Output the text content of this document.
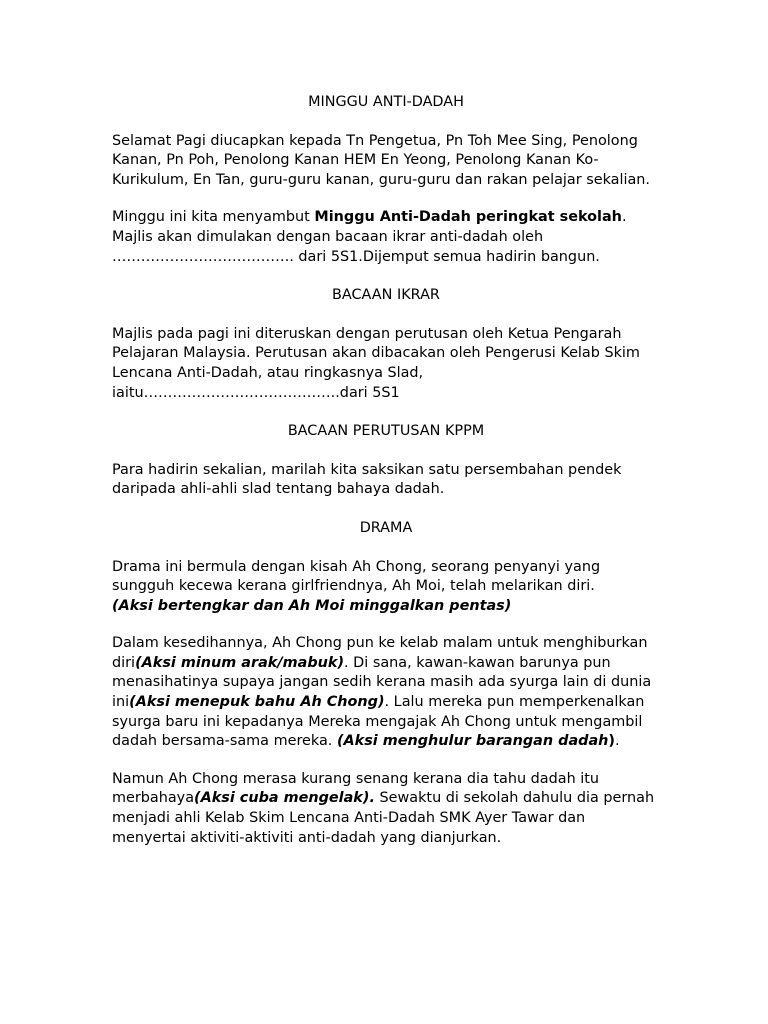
MINGGU ANTI-DADAH

Selamat Pagi diucapkan kepada Tn Pengetua, Pn Toh Mee Sing, Penolong Kanan, Pn Poh, Penolong Kanan HEM En Yeong, Penolong Kanan Ko-Kurikulum, En Tan, guru-guru kanan, guru-guru dan rakan pelajar sekalian.

Minggu ini kita menyambut Minggu Anti-Dadah peringkat sekolah. Majlis akan dimulakan dengan bacaan ikrar anti-dadah oleh ……………………………….. dari 5S1.Dijemput semua hadirin bangun.

BACAAN IKRAR

Majlis pada pagi ini diteruskan dengan perutusan oleh Ketua Pengarah Pelajaran Malaysia. Perutusan akan dibacakan oleh Pengerusi Kelab Skim Lencana Anti-Dadah, atau ringkasnya Slad, iaitu…………………………………..dari 5S1

BACAAN PERUTUSAN KPPM

Para hadirin sekalian, marilah kita saksikan satu persembahan pendek daripada ahli-ahli slad tentang bahaya dadah.

DRAMA

Drama ini bermula dengan kisah Ah Chong, seorang penyanyi yang sungguh kecewa kerana girlfriendnya, Ah Moi, telah melarikan diri.
(Aksi bertengkar dan Ah Moi minggalkan pentas)

Dalam kesedihannya, Ah Chong pun ke kelab malam untuk menghiburkan diri(Aksi minum arak/mabuk). Di sana, kawan-kawan barunya pun menasihatinya supaya jangan sedih kerana masih ada syurga lain di dunia ini(Aksi menepuk bahu Ah Chong). Lalu mereka pun memperkenalkan syurga baru ini kepadanya Mereka mengajak Ah Chong untuk mengambil dadah bersama-sama mereka. (Aksi menghulur barangan dadah).

Namun Ah Chong merasa kurang senang kerana dia tahu dadah itu merbahaya(Aksi cuba mengelak). Sewaktu di sekolah dahulu dia pernah menjadi ahli Kelab Skim Lencana Anti-Dadah SMK Ayer Tawar dan menyertai aktiviti-aktiviti anti-dadah yang dianjurkan.
